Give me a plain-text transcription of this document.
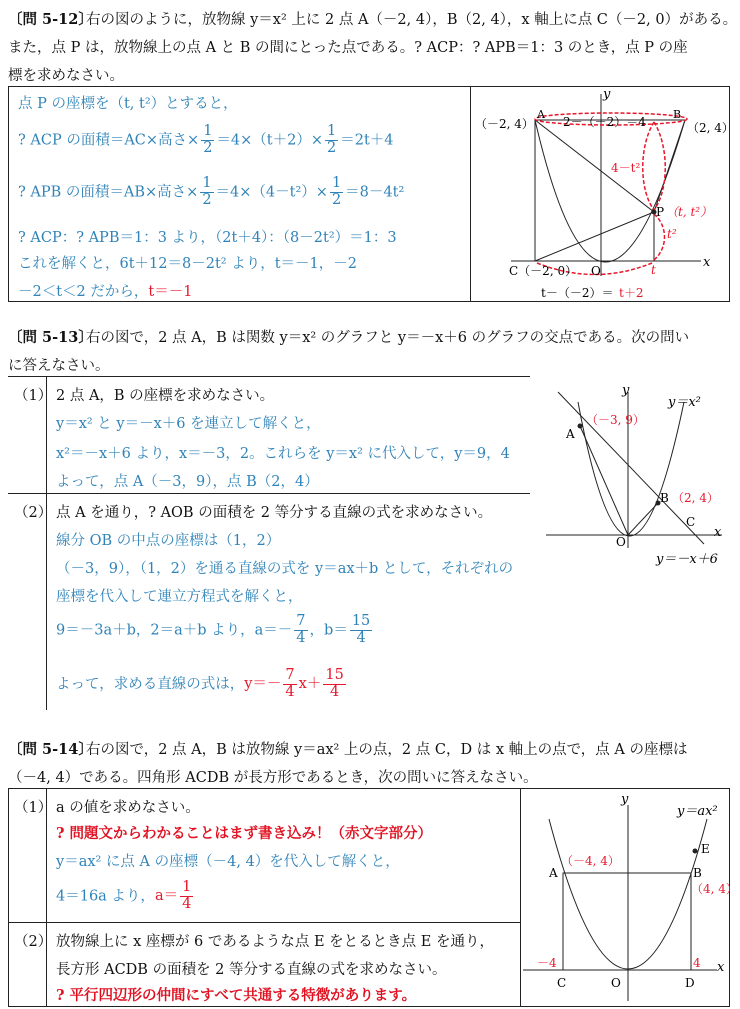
〔問 5-12〕
右の図のように，放物線 y＝x² 上に 2 点 A（－2, 4），B（2, 4），x 軸上に点 C（－2, 0）がある。
また，点 P は，放物線上の点 A と B の間にとった点である。? ACP：? APB＝1：3 のとき，点 P の座
標を求めなさい。
点 P の座標を（t, t²）とすると，
? ACP の面積＝AC×高さ× $\frac{1}{2} =4\times(t+2)\times \frac{1}{2} =2t+4$
? APB の面積＝AB×高さ× $\frac{1}{2} =4\times(4-t^2)\times \frac{1}{2} =8-4t^2$
? ACP：? APB＝1：3 より，（2t＋4）：（8－2t²）＝1：3
これを解くと，6t＋12＝8－2t² より，t＝－1，－2
－2＜t＜2 だから，t＝－1
y
x
A	B
（－2, 4）	（2, 4）
2－（－2）＝4
4－t²
P （t, t²）
t²
t
O
C（－2, 0）
t－（－2）＝ t＋2
〔問 5-13〕
右の図で，2 点 A，B は関数 y＝x² のグラフと y＝－x＋6 のグラフの交点である。次の問い
に答えなさい。
（1） 2 点 A，B の座標を求めなさい。
y＝x² と y＝－x＋6 を連立して解くと，
x²＝－x＋6 より，x＝－3，2。これらを y＝x² に代入して，y＝9，4
よって，点 A（－3，9），点 B（2，4）
（2） 点 A を通り，? AOB の面積を 2 等分する直線の式を求めなさい。
線分 OB の中点の座標は（1，2）
（－3，9），（1，2）を通る直線の式を y＝ax＋b として，それぞれの
座標を代入して連立方程式を解くと，
9＝－3a＋b，2＝a＋b より，$a=- \frac{7}{4}$ ，$b= \frac{15}{4}$
よって，求める直線の式は，$y=- \frac{7}{4} x+ \frac{15}{4}$
y
x
A
（－3, 9）
y＝x²
B （2, 4）
C
O
y＝－x＋6
〔問 5-14〕
右の図で，2 点 A，B は放物線 y＝ax² 上の点，2 点 C，D は x 軸上の点で，点 A の座標は
（－4, 4）である。四角形 ACDB が長方形であるとき，次の問いに答えなさい。
（1） a の値を求めなさい。
? 問題文からわかることはまず書き込み！（赤文字部分）
y＝ax² に点 A の座標（－4, 4）を代入して解くと，
4＝16a より，$a= \frac{1}{4}$
（2） 放物線上に x 座標が 6 であるような点 E をとるとき点 E を通り，
長方形 ACDB の面積を 2 等分する直線の式を求めなさい。
? 平行四辺形の仲間にすべて共通する特徴があります。
y
x
y＝ax²
E
A
（－4, 4）
B
（4, 4）
－4	4
C	O	D
